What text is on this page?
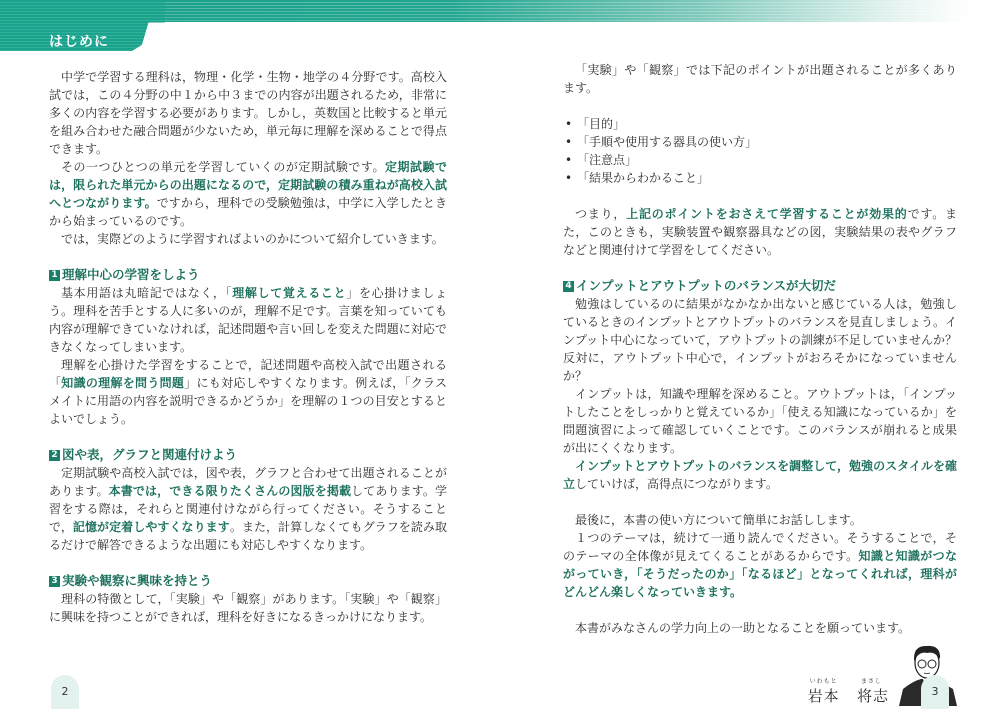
はじめに

中学で学習する理科は，物理・化学・生物・地学の４分野です。高校入試では，この４分野の中１から中３までの内容が出題されるため，非常に多くの内容を学習する必要があります。しかし，英数国と比較すると単元を組み合わせた融合問題が少ないため，単元毎に理解を深めることで得点できます。

その一つひとつの単元を学習していくのが定期試験です。定期試験では，限られた単元からの出題になるので，定期試験の積み重ねが高校入試へとつながります。ですから，理科での受験勉強は，中学に入学したときから始まっているのです。

では，実際どのように学習すればよいのかについて紹介していきます。

1 理解中心の学習をしよう

基本用語は丸暗記ではなく，「理解して覚えること」を心掛けましょう。理科を苦手とする人に多いのが，理解不足です。言葉を知っていても内容が理解できていなければ，記述問題や言い回しを変えた問題に対応できなくなってしまいます。

理解を心掛けた学習をすることで，記述問題や高校入試で出題される「知識の理解を問う問題」にも対応しやすくなります。例えば，「クラスメイトに用語の内容を説明できるかどうか」を理解の１つの目安とするとよいでしょう。

2 図や表，グラフと関連付けよう

定期試験や高校入試では，図や表，グラフと合わせて出題されることがあります。本書では，できる限りたくさんの図版を掲載してあります。学習をする際は，それらと関連付けながら行ってください。そうすることで，記憶が定着しやすくなります。また，計算しなくてもグラフを読み取るだけで解答できるような出題にも対応しやすくなります。

3 実験や観察に興味を持とう

理科の特徴として，「実験」や「観察」があります。「実験」や「観察」に興味を持つことができれば，理科を好きになるきっかけになります。

「実験」や「観察」では下記のポイントが出題されることが多くあります。

• 「目的」
• 「手順や使用する器具の使い方」
• 「注意点」
• 「結果からわかること」

つまり，上記のポイントをおさえて学習することが効果的です。また，このときも，実験装置や観察器具などの図，実験結果の表やグラフなどと関連付けて学習をしてください。

4 インプットとアウトプットのバランスが大切だ

勉強はしているのに結果がなかなか出ないと感じている人は，勉強しているときのインプットとアウトプットのバランスを見直しましょう。インプット中心になっていて，アウトプットの訓練が不足していませんか？　反対に，アウトプット中心で，インプットがおろそかになっていませんか？

インプットは，知識や理解を深めること。アウトプットは，「インプットしたことをしっかりと覚えているか」「使える知識になっているか」を問題演習によって確認していくことです。このバランスが崩れると成果が出にくくなります。

インプットとアウトプットのバランスを調整して，勉強のスタイルを確立していけば，高得点につながります。

最後に，本書の使い方について簡単にお話しします。

１つのテーマは，続けて一通り読んでください。そうすることで，そのテーマの全体像が見えてくることがあるからです。知識と知識がつながっていき，「そうだったのか」「なるほど」となってくれれば，理科がどんどん楽しくなっていきます。

本書がみなさんの学力向上の一助となることを願っています。

いわもと
岩本
まさし
将志
2	3
